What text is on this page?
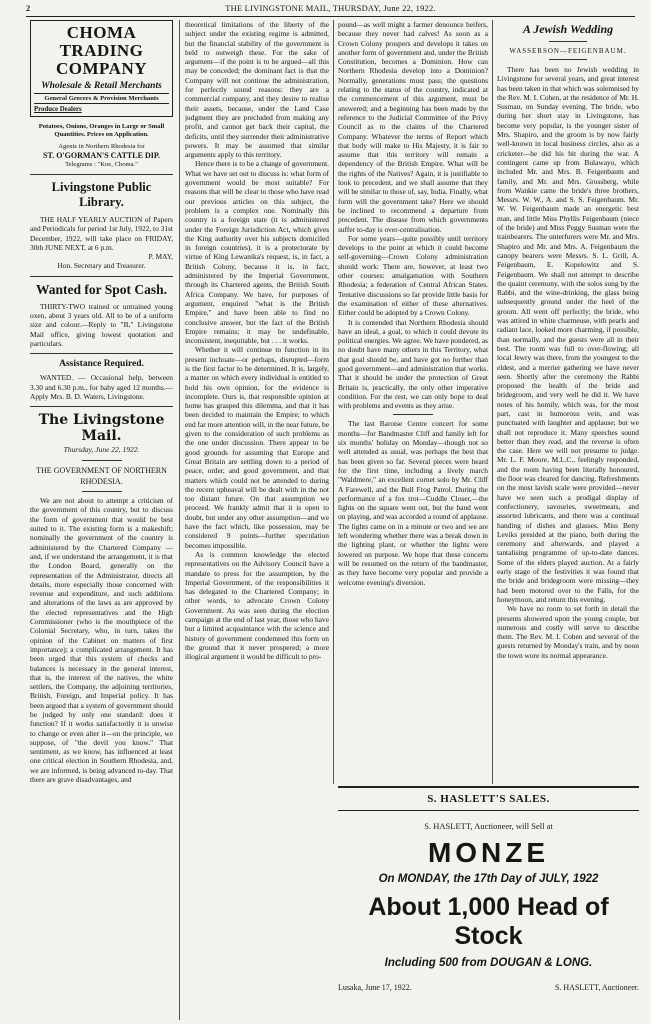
2	THE LIVINGSTONE MAIL, THURSDAY, June 22, 1922.
CHOMA TRADING COMPANY
Wholesale & Retail Merchants
General Grocers & Provision Merchants
Produce Dealers
Potatoes, Onions, Oranges in Large or Small Quantities. Prices on Application.
Agents in Northern Rhodesia for
ST. O'GORMAN'S CATTLE DIP.
Telegrams : "Koe, Choma."
Livingstone Public Library.

THE HALF YEARLY AUCTION of Papers and Periodicals for period 1st July, 1922, to 31st December, 1922, will take place on FRIDAY, 30th JUNE NEXT, at 6 p.m.

P. MAY,
Hon. Secretary and Treasurer.
Wanted for Spot Cash.

THIRTY-TWO trained or untrained young oxen, about 3 years old. All to be of a uniform size and colour.—Reply to "B," Livingstone Mail office, giving lowest quotation and particulars.

Assistance Required.

WANTED. — Occasional help, between 3.30 and 6.30 p.m., for baby aged 12 months.—Apply Mrs. B. D. Waters, Livingstone.

The Livingstone Mail.
Thursday, June 22, 1922.
THE GOVERNMENT OF NORTHERN RHODESIA.

We are not about to attempt a criticism of the government of this country, but to discuss the form of government that would be best suited to it. The existing form is a makeshift; nominally the government of the country is administered by the Chartered Company — and, if we understand the arrangement, it is that the London Board, generally on the representation of the Administrator, directs all details, more especially those concerned with revenue and expenditure, and such additions and alterations of the laws as are approved by the elected representatives and the High Commissioner (who is the mouthpiece of the Colonial Secretary, who, in turn, takes the opinion of the Cabinet on matters of first importance); a complicated arrangement. It has been urged that this system of checks and balances is necessary in the general interest, that is, the interest of the natives, the white settlers, the Company, the adjoining territories, British, Foreign, and Imperial policy. It has been argued that a system of government should be judged by only one standard: does it function? If it works satisfactorily it is unwise to change or even alter it—on the principle, we suppose, of "the devil you know." That sentiment, as we know, has influenced at least one critical election in Southern Rhodesia, and, we are informed, is being advanced to-day. That there are grave disadvantages, and

theoretical limitations of the liberty of the subject under the existing regime is admitted, but the financial stability of the government is held to outweigh these. For the sake of argument—if the point is to be argued—all this may be conceded; the dominant fact is that the Company will not continue the administration, for perfectly sound reasons: they are a commercial company, and they desire to realise their assets, because, under the Land Case judgment they are precluded from making any profit, and cannot get back their capital, the deficits, until they surrender their administrative powers. It may be assumed that similar arguments apply to this territory.

Hence there is to be a change of government. What we have set out to discuss is: what form of government would be most suitable? For reasons that will be clear to those who have read our previous articles on this subject, the problem is a complex one. Nominally this country is a foreign state (it is administered under the Foreign Jurisdiction Act, which gives the King authority over his subjects domiciled in foreign countries), it is a protectorate by virtue of King Lewanika's request, is, in fact, a British Colony, because it is, in fact, administered by the Imperial Government, through its Chartered agents, the British South Africa Company. We have, for purposes of argument, enquired "what is the British Empire," and have been able to find no conclusive answer, but the fact of the British Empire remains; it may be undefinable, inconsistent, inequitable, but . . . it works.

Whether it will continue to function in its present inchoate—or perhaps, disrupted—form is the first factor to be determined. It is, largely, a matter on which every individual is entitled to hold his own opinion, for the evidence is incomplete. Ours is, that responsible opinion at home has grasped this dilemma, and that it has been decided to maintain the Empire; to which end far more attention will, in the near future, be given to the consideration of such problems as the one under discussion. There appear to be good grounds for assuming that Europe and Great Britain are settling down to a period of peace, order, and good government, and that matters which could not be attended to during the recent upheaval will be dealt with in the not too distant future. On that assumption we proceed. We frankly admit that it is open to doubt, but under any other assumption—and we have the fact which, like possession, may be considered 9 points—further speculation becomes impossible.

As is common knowledge the elected representatives on the Advisory Council have a mandate to press for the assumption, by the Imperial Government, of the responsibilities it has delegated to the Chartered Company; in other words, to advocate Crown Colony Government. As was seen during the election campaign at the end of last year, those who have but a limited acquaintance with the science and history of government condemned this form on the ground that it never prospered; a more illogical argument it would be difficult to pro-

pound—as well might a farmer denounce heifers, because they never had calves! As soon as a Crown Colony prospers and develops it takes on another form of government and, under the British Constitution, becomes a Dominion. How can Northern Rhodesia develop into a Dominion? Normally, generations must pass; the questions relating to the status of the country, indicated at the commencement of this argument, must be answered; and a beginning has been made by the reference to the Judicial Committee of the Privy Council as to the claims of the Chartered Company. Whatever the terms of Report which that body will make to His Majesty, it is fair to assume that this territory will remain a dependency of the British Empire. What will be the rights of the Natives? Again, it is justifiable to look to precedent, and we shall assume that they will be similar to those of, say, India. Finally, what form will the government take? Here we should be inclined to recommend a departure from precedent. The disease from which governments suffer to-day is over-centralisation.

For some years—quite possibly until territory develops to the point at which it could become self-governing—Crown Colony administration should work: There are, however, at least two other courses: amalgamation with Southern Rhodesia; a federation of Central African States. Tentative discussions so far provide little basis for the examination of either of these alternatives. Either could be adopted by a Crown Colony.

It is contended that Northern Rhodesia should have an ideal, a goal, to which it could devote its political energies. We agree. We have pondered, as no doubt have many others in this Territory, what that goal should be, and have got no further than good government—and administration that works. That it should be under the protection of Great Britain is, practically, the only other imperative condition. For the rest, we can only hope to deal with problems and events as they arise.

The last Barotse Centre concert for some months—for Bandmaster Cliff and family left for six months' holiday on Monday—though not so well attended as usual, was perhaps the best that has been given so far. Several pieces were heard for the first time, including a lively march "Waldmere," an excellent cornet solo by Mr. Cliff A Farewell, and the Bull Frog Patrol. During the performance of a fox trot—Cuddle Closer,—the lights on the square went out, but the band went on playing, and was accorded a round of applause. The lights came on in a minute or two and we are left wondering whether there was a break down in the lighting plant, or whether the lights were lowered on purpose. We hope that these concerts will be resumed on the return of the bandmaster, as they have become very popular and provide a welcome evening's diversion.

A Jewish Wedding
WASSERSON—FEIGENBAUM.

There has been no Jewish wedding in Livingstone for several years, and great interest has been taken in that which was solemnised by the Rev. M. I. Cohen, at the residence of Mr. H. Susman, on Sunday evening. The bride, who during her short stay in Livingstone, has become very popular, is the younger sister of Mrs. Shapiro, and the groom is by now fairly well-known in local business circles, also as a cricketer—he did his bit during the war. A contingent came up from Bulawayo, which included Mr. and Mrs. B. Feigenbaum and family, and Mr. and Mrs. Grossberg, while from Wankie came the bride's three brothers, Messrs. W. W., A. and S. S. Feigenbaum. Mr. W. W. Feigenbaum made an energetic best man, and little Miss Phyllis Feigenbaum (niece of the bride) and Miss Peggy Susman were the trainbearers. The unterfurers were Mr. and Mrs. Shapiro and Mr. and Mrs. A. Feigenbaum the canopy bearers were Messrs. S. L. Grill, A. Feigenbaum, E. Kopelowitz and S. Feigenbaum. We shall not attempt to describe the quaint ceremony, with the solos sung by the Rabbi, and the wine-drinking, the glass being subsequently ground under the heel of the groom. All went off perfectly; the bride, who was attired in white charmeuse, with pearls and radiant lace, looked more charming, if possible, than normally, and the guests were all in their best. The room was full to over-flowing; all local Jewry was there, from the youngest to the eldest, and a merrier gathering we have never seen. Shortly after the ceremony the Rabbi proposed the health of the bride and bridegroom, and very well he did it. We have notes of his homily, which was, for the most part, cast in humorous vein, and was punctuated with laughter and applause; but we shall not reproduce it. Many speeches sound better than they read, and the reverse is often the case. Here we will not presume to judge. Mr. L. F. Moore, M.L.C., feelingly responded, and the room having been literally honoured, the floor was cleared for dancing. Refreshments on the most lavish scale were provided—never have we seen such a prodigal display of confectionery, savouries, sweetmeats, and assorted lubricants, and there was a continual handing of dishes and glasses. Miss Betty Leviks presided at the piano, both during the ceremony and afterwards, and played a tantalising programme of up-to-date dances. Some of the elders played auction. At a fairly early stage of the festivities it was found that the bride and bridegroom were missing—they had been motored over to the Falls, for the honeymoon, and return this evening.

We have no room to set forth in detail the presents showered upon the young couple, but numerous and costly will serve to describe them. The Rev. M. I. Cohen and several of the guests returned by Monday's train, and by noon the town wore its normal appearance.

S. HASLETT'S SALES.
S. HASLETT, Auctioneer, will Sell at
MONZE
On MONDAY, the 17th Day of JULY, 1922
About 1,000 Head of Stock
Including 500 from DOUGAN & LONG.
Lusaka, June 17, 1922.	S. HASLETT, Auctioneer.
